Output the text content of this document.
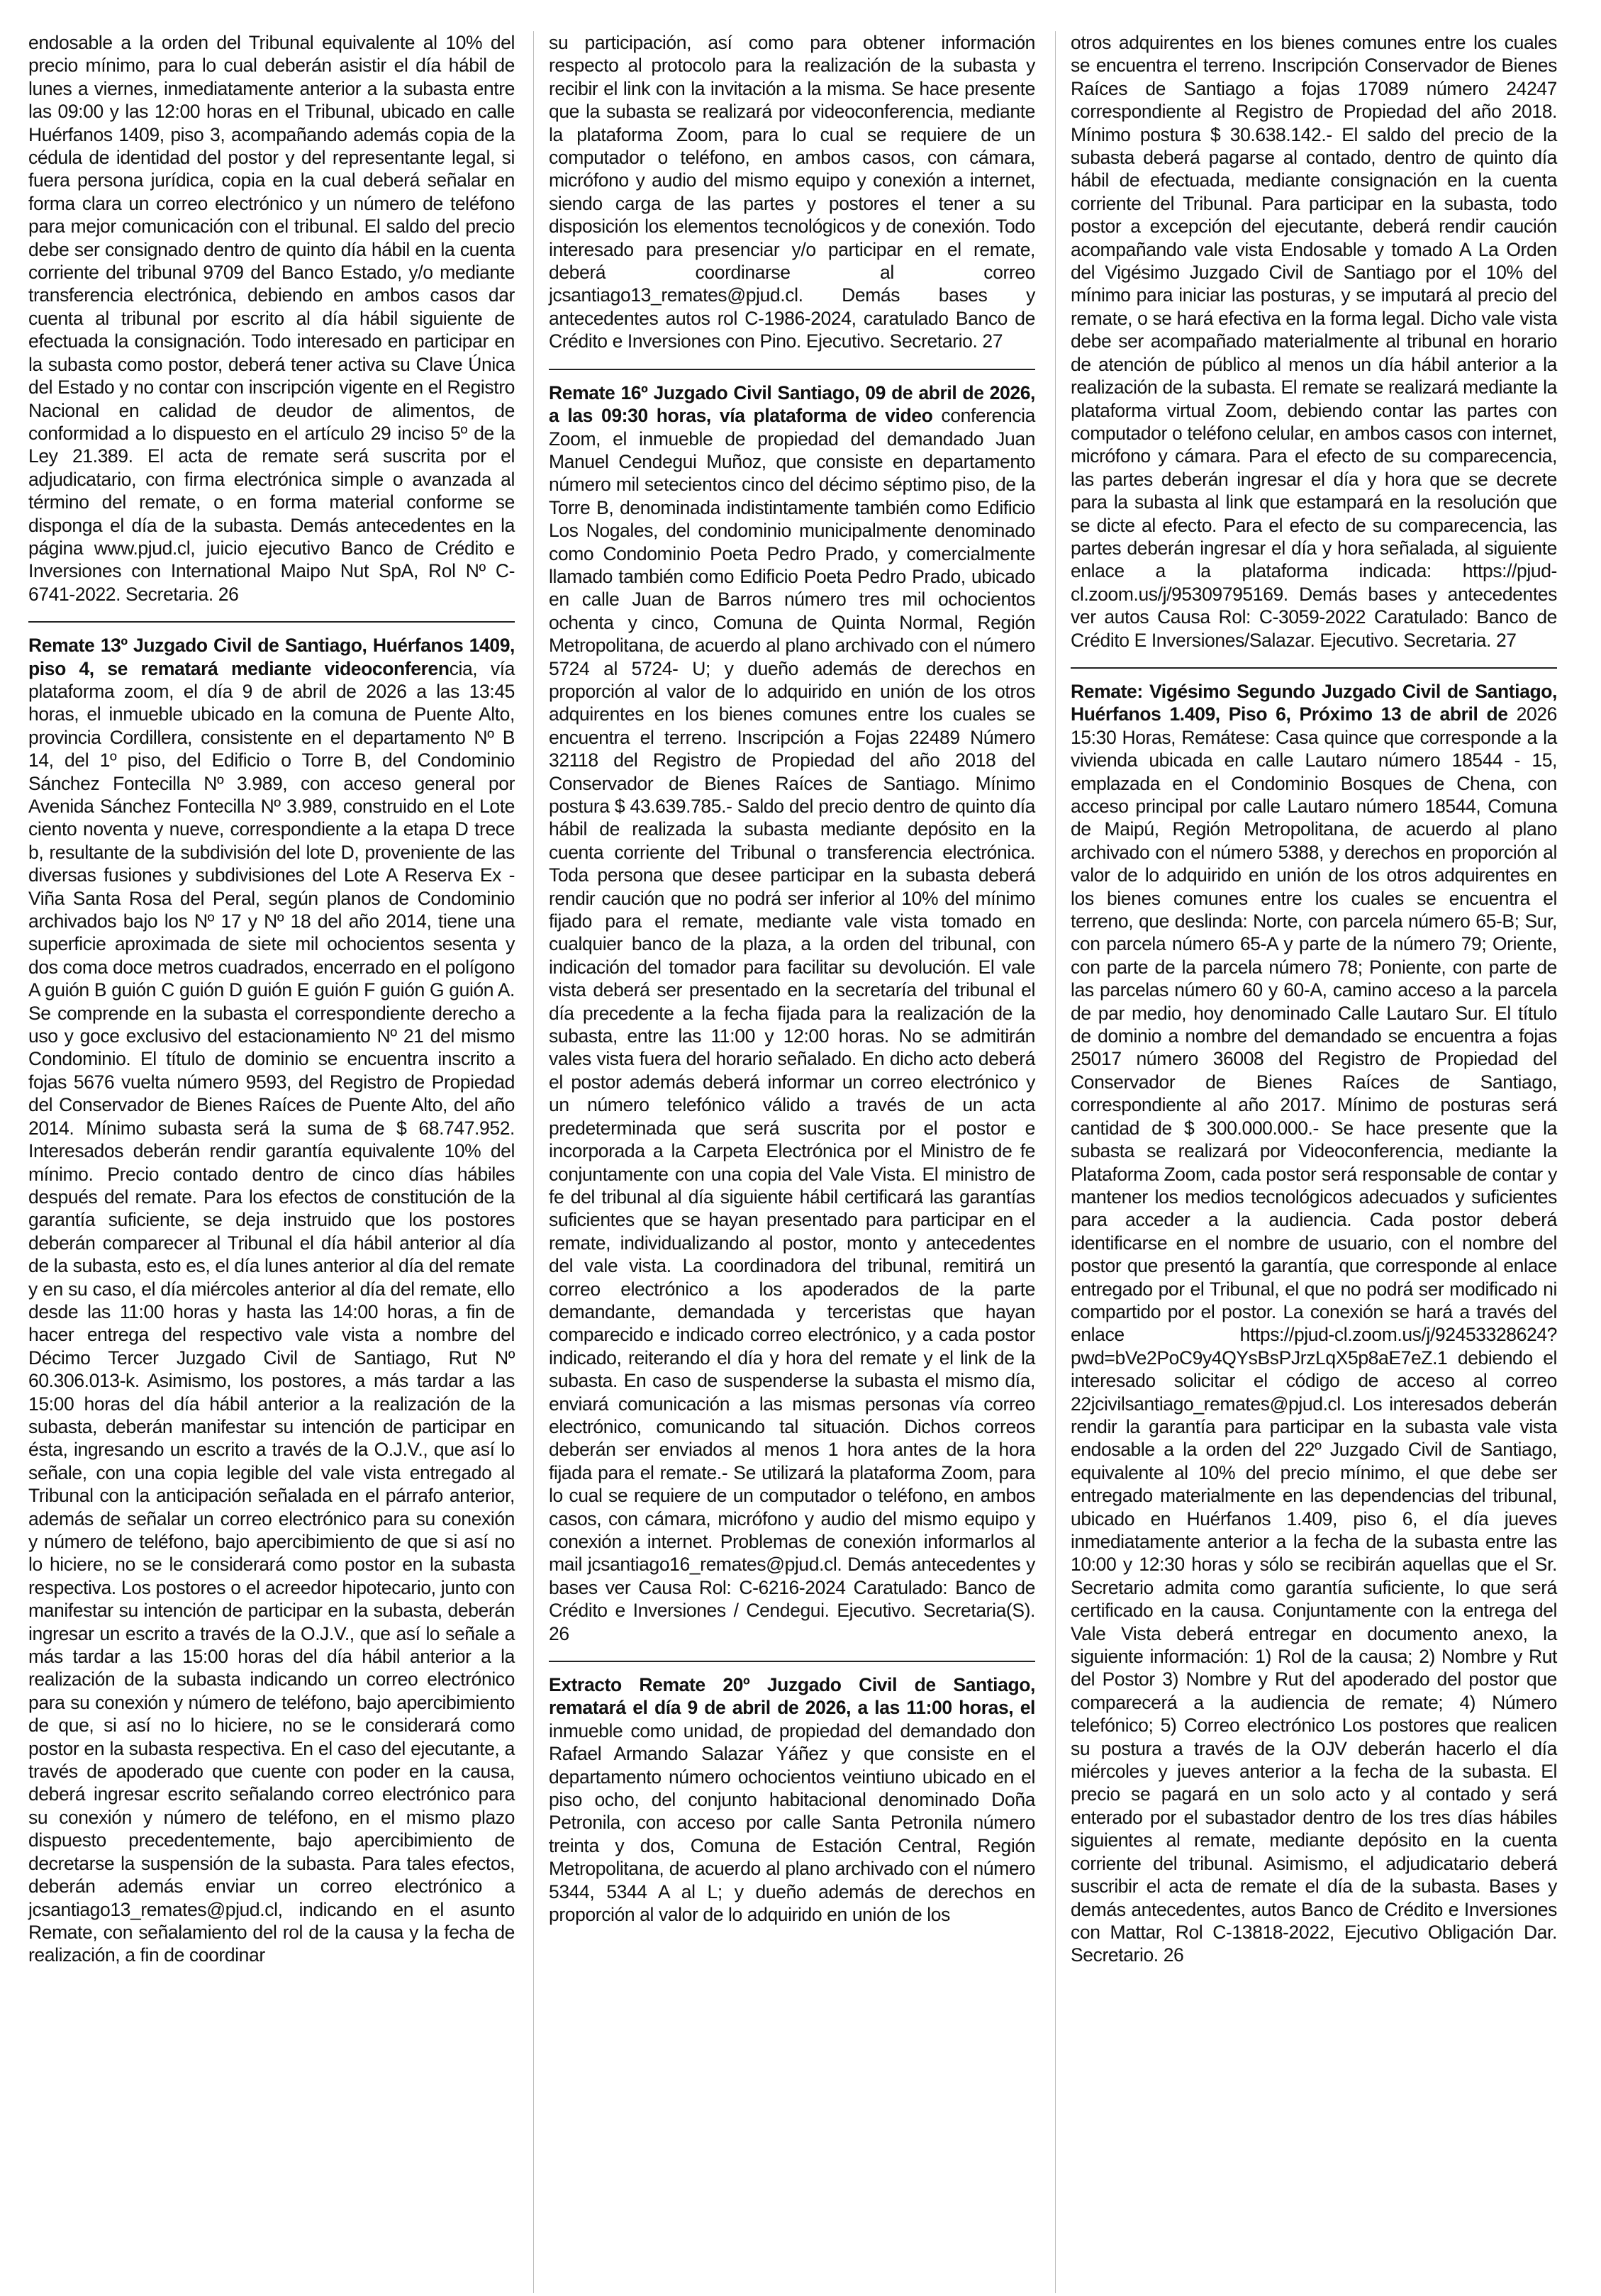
endosable a la orden del Tribunal equivalente al 10% del precio mínimo, para lo cual deberán asistir el día hábil de lunes a viernes, inmediatamente anterior a la subasta entre las 09:00 y las 12:00 horas en el Tribunal, ubicado en calle Huérfanos 1409, piso 3, acompañando además copia de la cédula de identidad del postor y del representante legal, si fuera persona jurídica, copia en la cual deberá señalar en forma clara un correo electrónico y un número de teléfono para mejor comunicación con el tribunal. El saldo del precio debe ser consignado dentro de quinto día hábil en la cuenta corriente del tribunal 9709 del Banco Estado, y/o mediante transferencia electrónica, debiendo en ambos casos dar cuenta al tribunal por escrito al día hábil siguiente de efectuada la consignación. Todo interesado en participar en la subasta como postor, deberá tener activa su Clave Única del Estado y no contar con inscripción vigente en el Registro Nacional en calidad de deudor de alimentos, de conformidad a lo dispuesto en el artículo 29 inciso 5º de la Ley 21.389. El acta de remate será suscrita por el adjudicatario, con firma electrónica simple o avanzada al término del remate, o en forma material conforme se disponga el día de la subasta. Demás antecedentes en la página www.pjud.cl, juicio ejecutivo Banco de Crédito e Inversiones con International Maipo Nut SpA, Rol Nº C-6741-2022. Secretaria. 26

Remate 13º Juzgado Civil de Santiago, Huérfanos 1409, piso 4, se rematará mediante videoconferencia, vía plataforma zoom, el día 9 de abril de 2026 a las 13:45 horas, el inmueble ubicado en la comuna de Puente Alto, provincia Cordillera, consistente en el departamento Nº B 14, del 1º piso, del Edificio o Torre B, del Condominio Sánchez Fontecilla Nº 3.989, con acceso general por Avenida Sánchez Fontecilla Nº 3.989, construido en el Lote ciento noventa y nueve, correspondiente a la etapa D trece b, resultante de la subdivisión del lote D, proveniente de las diversas fusiones y subdivisiones del Lote A Reserva Ex - Viña Santa Rosa del Peral, según planos de Condominio archivados bajo los Nº 17 y Nº 18 del año 2014, tiene una superficie aproximada de siete mil ochocientos sesenta y dos coma doce metros cuadrados, encerrado en el polígono A guión B guión C guión D guión E guión F guión G guión A. Se comprende en la subasta el correspondiente derecho a uso y goce exclusivo del estacionamiento Nº 21 del mismo Condominio. El título de dominio se encuentra inscrito a fojas 5676 vuelta número 9593, del Registro de Propiedad del Conservador de Bienes Raíces de Puente Alto, del año 2014. Mínimo subasta será la suma de $ 68.747.952. Interesados deberán rendir garantía equivalente 10% del mínimo. Precio contado dentro de cinco días hábiles después del remate. Para los efectos de constitución de la garantía suficiente, se deja instruido que los postores deberán comparecer al Tribunal el día hábil anterior al día de la subasta, esto es, el día lunes anterior al día del remate y en su caso, el día miércoles anterior al día del remate, ello desde las 11:00 horas y hasta las 14:00 horas, a fin de hacer entrega del respectivo vale vista a nombre del Décimo Tercer Juzgado Civil de Santiago, Rut Nº 60.306.013-k. Asimismo, los postores, a más tardar a las 15:00 horas del día hábil anterior a la realización de la subasta, deberán manifestar su intención de participar en ésta, ingresando un escrito a través de la O.J.V., que así lo señale, con una copia legible del vale vista entregado al Tribunal con la anticipación señalada en el párrafo anterior, además de señalar un correo electrónico para su conexión y número de teléfono, bajo apercibimiento de que si así no lo hiciere, no se le considerará como postor en la subasta respectiva. Los postores o el acreedor hipotecario, junto con manifestar su intención de participar en la subasta, deberán ingresar un escrito a través de la O.J.V., que así lo señale a más tardar a las 15:00 horas del día hábil anterior a la realización de la subasta indicando un correo electrónico para su conexión y número de teléfono, bajo apercibimiento de que, si así no lo hiciere, no se le considerará como postor en la subasta respectiva. En el caso del ejecutante, a través de apoderado que cuente con poder en la causa, deberá ingresar escrito señalando correo electrónico para su conexión y número de teléfono, en el mismo plazo dispuesto precedentemente, bajo apercibimiento de decretarse la suspensión de la subasta. Para tales efectos, deberán además enviar un correo electrónico a jcsantiago13_remates@pjud.cl, indicando en el asunto Remate, con señalamiento del rol de la causa y la fecha de realización, a fin de coordinar

su participación, así como para obtener información respecto al protocolo para la realización de la subasta y recibir el link con la invitación a la misma. Se hace presente que la subasta se realizará por videoconferencia, mediante la plataforma Zoom, para lo cual se requiere de un computador o teléfono, en ambos casos, con cámara, micrófono y audio del mismo equipo y conexión a internet, siendo carga de las partes y postores el tener a su disposición los elementos tecnológicos y de conexión. Todo interesado para presenciar y/o participar en el remate, deberá coordinarse al correo jcsantiago13_remates@pjud.cl. Demás bases y antecedentes autos rol C-1986-2024, caratulado Banco de Crédito e Inversiones con Pino. Ejecutivo. Secretario. 27

Remate 16º Juzgado Civil Santiago, 09 de abril de 2026, a las 09:30 horas, vía plataforma de video conferencia Zoom, el inmueble de propiedad del demandado Juan Manuel Cendegui Muñoz, que consiste en departamento número mil setecientos cinco del décimo séptimo piso, de la Torre B, denominada indistintamente también como Edificio Los Nogales, del condominio municipalmente denominado como Condominio Poeta Pedro Prado, y comercialmente llamado también como Edificio Poeta Pedro Prado, ubicado en calle Juan de Barros número tres mil ochocientos ochenta y cinco, Comuna de Quinta Normal, Región Metropolitana, de acuerdo al plano archivado con el número 5724 al 5724- U; y dueño además de derechos en proporción al valor de lo adquirido en unión de los otros adquirentes en los bienes comunes entre los cuales se encuentra el terreno. Inscripción a Fojas 22489 Número 32118 del Registro de Propiedad del año 2018 del Conservador de Bienes Raíces de Santiago. Mínimo postura $ 43.639.785.- Saldo del precio dentro de quinto día hábil de realizada la subasta mediante depósito en la cuenta corriente del Tribunal o transferencia electrónica. Toda persona que desee participar en la subasta deberá rendir caución que no podrá ser inferior al 10% del mínimo fijado para el remate, mediante vale vista tomado en cualquier banco de la plaza, a la orden del tribunal, con indicación del tomador para facilitar su devolución. El vale vista deberá ser presentado en la secretaría del tribunal el día precedente a la fecha fijada para la realización de la subasta, entre las 11:00 y 12:00 horas. No se admitirán vales vista fuera del horario señalado. En dicho acto deberá el postor además deberá informar un correo electrónico y un número telefónico válido a través de un acta predeterminada que será suscrita por el postor e incorporada a la Carpeta Electrónica por el Ministro de fe conjuntamente con una copia del Vale Vista. El ministro de fe del tribunal al día siguiente hábil certificará las garantías suficientes que se hayan presentado para participar en el remate, individualizando al postor, monto y antecedentes del vale vista. La coordinadora del tribunal, remitirá un correo electrónico a los apoderados de la parte demandante, demandada y terceristas que hayan comparecido e indicado correo electrónico, y a cada postor indicado, reiterando el día y hora del remate y el link de la subasta. En caso de suspenderse la subasta el mismo día, enviará comunicación a las mismas personas vía correo electrónico, comunicando tal situación. Dichos correos deberán ser enviados al menos 1 hora antes de la hora fijada para el remate.- Se utilizará la plataforma Zoom, para lo cual se requiere de un computador o teléfono, en ambos casos, con cámara, micrófono y audio del mismo equipo y conexión a internet. Problemas de conexión informarlos al mail jcsantiago16_remates@pjud.cl. Demás antecedentes y bases ver Causa Rol: C-6216-2024 Caratulado: Banco de Crédito e Inversiones / Cendegui. Ejecutivo. Secretaria(S). 26

Extracto Remate 20º Juzgado Civil de Santiago, rematará el día 9 de abril de 2026, a las 11:00 horas, el inmueble como unidad, de propiedad del demandado don Rafael Armando Salazar Yáñez y que consiste en el departamento número ochocientos veintiuno ubicado en el piso ocho, del conjunto habitacional denominado Doña Petronila, con acceso por calle Santa Petronila número treinta y dos, Comuna de Estación Central, Región Metropolitana, de acuerdo al plano archivado con el número 5344, 5344 A al L; y dueño además de derechos en proporción al valor de lo adquirido en unión de los

otros adquirentes en los bienes comunes entre los cuales se encuentra el terreno. Inscripción Conservador de Bienes Raíces de Santiago a fojas 17089 número 24247 correspondiente al Registro de Propiedad del año 2018. Mínimo postura $ 30.638.142.- El saldo del precio de la subasta deberá pagarse al contado, dentro de quinto día hábil de efectuada, mediante consignación en la cuenta corriente del Tribunal. Para participar en la subasta, todo postor a excepción del ejecutante, deberá rendir caución acompañando vale vista Endosable y tomado A La Orden del Vigésimo Juzgado Civil de Santiago por el 10% del mínimo para iniciar las posturas, y se imputará al precio del remate, o se hará efectiva en la forma legal. Dicho vale vista debe ser acompañado materialmente al tribunal en horario de atención de público al menos un día hábil anterior a la realización de la subasta. El remate se realizará mediante la plataforma virtual Zoom, debiendo contar las partes con computador o teléfono celular, en ambos casos con internet, micrófono y cámara. Para el efecto de su comparecencia, las partes deberán ingresar el día y hora que se decrete para la subasta al link que estampará en la resolución que se dicte al efecto. Para el efecto de su comparecencia, las partes deberán ingresar el día y hora señalada, al siguiente enlace a la plataforma indicada: https://pjud-cl.zoom.us/j/95309795169. Demás bases y antecedentes ver autos Causa Rol: C-3059-2022 Caratulado: Banco de Crédito E Inversiones/Salazar. Ejecutivo. Secretaria. 27

Remate: Vigésimo Segundo Juzgado Civil de Santiago, Huérfanos 1.409, Piso 6, Próximo 13 de abril de 2026 15:30 Horas, Remátese: Casa quince que corresponde a la vivienda ubicada en calle Lautaro número 18544 - 15, emplazada en el Condominio Bosques de Chena, con acceso principal por calle Lautaro número 18544, Comuna de Maipú, Región Metropolitana, de acuerdo al plano archivado con el número 5388, y derechos en proporción al valor de lo adquirido en unión de los otros adquirentes en los bienes comunes entre los cuales se encuentra el terreno, que deslinda: Norte, con parcela número 65-B; Sur, con parcela número 65-A y parte de la número 79; Oriente, con parte de la parcela número 78; Poniente, con parte de las parcelas número 60 y 60-A, camino acceso a la parcela de par medio, hoy denominado Calle Lautaro Sur. El título de dominio a nombre del demandado se encuentra a fojas 25017 número 36008 del Registro de Propiedad del Conservador de Bienes Raíces de Santiago, correspondiente al año 2017. Mínimo de posturas será cantidad de $ 300.000.000.- Se hace presente que la subasta se realizará por Videoconferencia, mediante la Plataforma Zoom, cada postor será responsable de contar y mantener los medios tecnológicos adecuados y suficientes para acceder a la audiencia. Cada postor deberá identificarse en el nombre de usuario, con el nombre del postor que presentó la garantía, que corresponde al enlace entregado por el Tribunal, el que no podrá ser modificado ni compartido por el postor. La conexión se hará a través del enlace https://pjud-cl.zoom.us/j/92453328624?pwd=bVe2PoC9y4QYsBsPJrzLqX5p8aE7eZ.1 debiendo el interesado solicitar el código de acceso al correo 22jcivilsantiago_remates@pjud.cl. Los interesados deberán rendir la garantía para participar en la subasta vale vista endosable a la orden del 22º Juzgado Civil de Santiago, equivalente al 10% del precio mínimo, el que debe ser entregado materialmente en las dependencias del tribunal, ubicado en Huérfanos 1.409, piso 6, el día jueves inmediatamente anterior a la fecha de la subasta entre las 10:00 y 12:30 horas y sólo se recibirán aquellas que el Sr. Secretario admita como garantía suficiente, lo que será certificado en la causa. Conjuntamente con la entrega del Vale Vista deberá entregar en documento anexo, la siguiente información: 1) Rol de la causa; 2) Nombre y Rut del Postor 3) Nombre y Rut del apoderado del postor que comparecerá a la audiencia de remate; 4) Número telefónico; 5) Correo electrónico Los postores que realicen su postura a través de la OJV deberán hacerlo el día miércoles y jueves anterior a la fecha de la subasta. El precio se pagará en un solo acto y al contado y será enterado por el subastador dentro de los tres días hábiles siguientes al remate, mediante depósito en la cuenta corriente del tribunal. Asimismo, el adjudicatario deberá suscribir el acta de remate el día de la subasta. Bases y demás antecedentes, autos Banco de Crédito e Inversiones con Mattar, Rol C-13818-2022, Ejecutivo Obligación Dar. Secretario. 26
